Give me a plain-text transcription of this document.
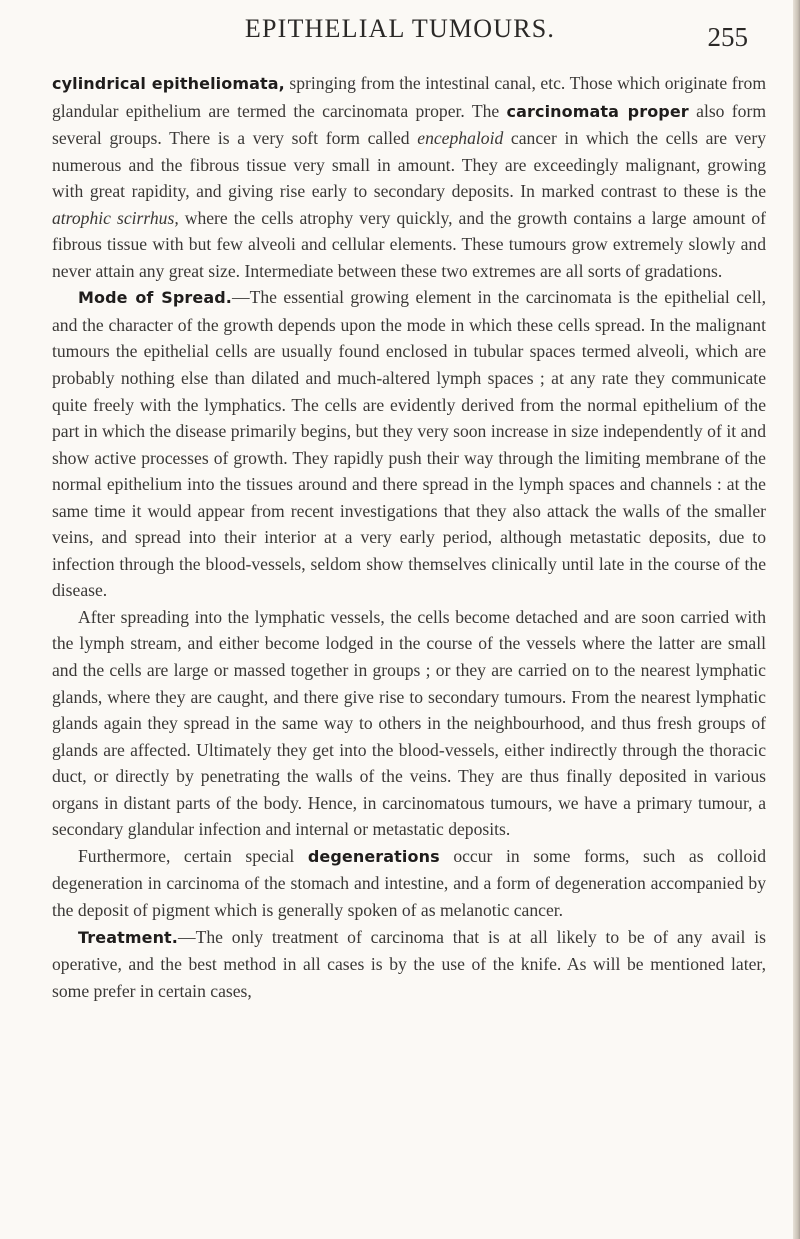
EPITHELIAL TUMOURS.	255

cylindrical epitheliomata, springing from the intestinal canal, etc. Those which originate from glandular epithelium are termed the carcinomata proper. The carcinomata proper also form several groups. There is a very soft form called encephaloid cancer in which the cells are very numerous and the fibrous tissue very small in amount. They are exceedingly malignant, growing with great rapidity, and giving rise early to secondary deposits. In marked contrast to these is the atrophic scirrhus, where the cells atrophy very quickly, and the growth contains a large amount of fibrous tissue with but few alveoli and cellular elements. These tumours grow extremely slowly and never attain any great size. Intermediate between these two extremes are all sorts of gradations.

Mode of Spread.—The essential growing element in the carcinomata is the epithelial cell, and the character of the growth depends upon the mode in which these cells spread. In the malignant tumours the epithelial cells are usually found enclosed in tubular spaces termed alveoli, which are probably nothing else than dilated and much-altered lymph spaces ; at any rate they communicate quite freely with the lymphatics. The cells are evidently derived from the normal epithelium of the part in which the disease primarily begins, but they very soon increase in size independently of it and show active processes of growth. They rapidly push their way through the limiting membrane of the normal epithelium into the tissues around and there spread in the lymph spaces and channels : at the same time it would appear from recent investigations that they also attack the walls of the smaller veins, and spread into their interior at a very early period, although metastatic deposits, due to infection through the blood-vessels, seldom show themselves clinically until late in the course of the disease.

After spreading into the lymphatic vessels, the cells become detached and are soon carried with the lymph stream, and either become lodged in the course of the vessels where the latter are small and the cells are large or massed together in groups ; or they are carried on to the nearest lymphatic glands, where they are caught, and there give rise to secondary tumours. From the nearest lymphatic glands again they spread in the same way to others in the neighbourhood, and thus fresh groups of glands are affected. Ultimately they get into the blood-vessels, either indirectly through the thoracic duct, or directly by penetrating the walls of the veins. They are thus finally deposited in various organs in distant parts of the body. Hence, in carcinomatous tumours, we have a primary tumour, a secondary glandular infection and internal or metastatic deposits.

Furthermore, certain special degenerations occur in some forms, such as colloid degeneration in carcinoma of the stomach and intestine, and a form of degeneration accompanied by the deposit of pigment which is generally spoken of as melanotic cancer.

Treatment.—The only treatment of carcinoma that is at all likely to be of any avail is operative, and the best method in all cases is by the use of the knife. As will be mentioned later, some prefer in certain cases,
